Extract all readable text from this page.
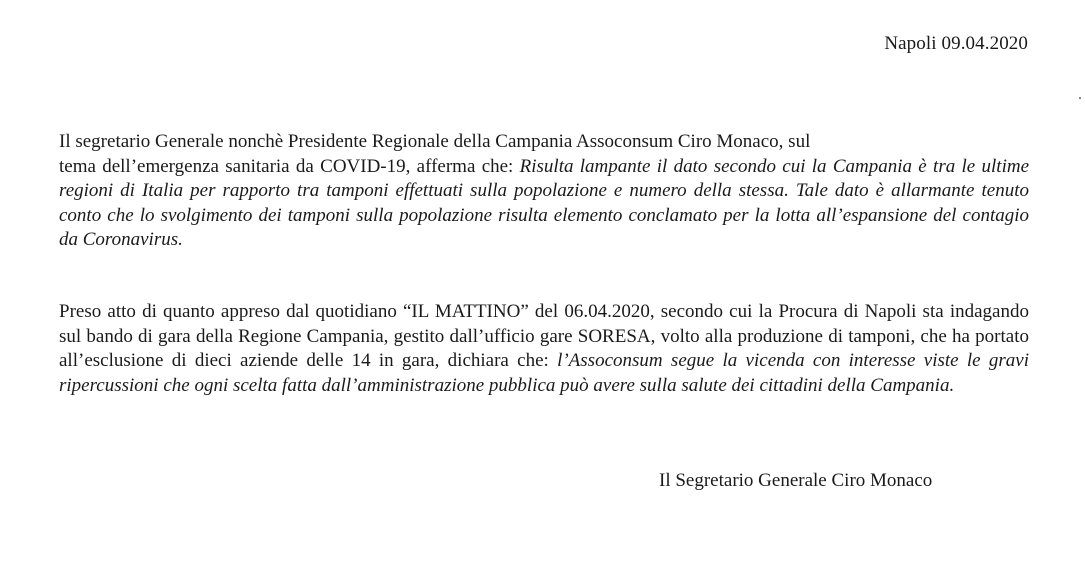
Napoli 09.04.2020
Il segretario Generale nonchè Presidente Regionale della Campania Assoconsum Ciro Monaco, sul
tema dell’emergenza sanitaria da COVID-19, afferma che: Risulta lampante il dato secondo cui la Campania è tra le ultime regioni di Italia per rapporto tra tamponi effettuati sulla popolazione e numero della stessa. Tale dato è allarmante tenuto conto che lo svolgimento dei tamponi sulla popolazione risulta elemento conclamato per la lotta all’espansione del contagio da Coronavirus.
Preso atto di quanto appreso dal quotidiano “IL MATTINO” del 06.04.2020, secondo cui la Procura di Napoli sta indagando sul bando di gara della Regione Campania, gestito dall’ufficio gare SORESA, volto alla produzione di tamponi, che ha portato all’esclusione di dieci aziende delle 14 in gara, dichiara che: l’Assoconsum segue la vicenda con interesse viste le gravi ripercussioni che ogni scelta fatta dall’amministrazione pubblica può avere sulla salute dei cittadini della Campania.
Il Segretario Generale Ciro Monaco
